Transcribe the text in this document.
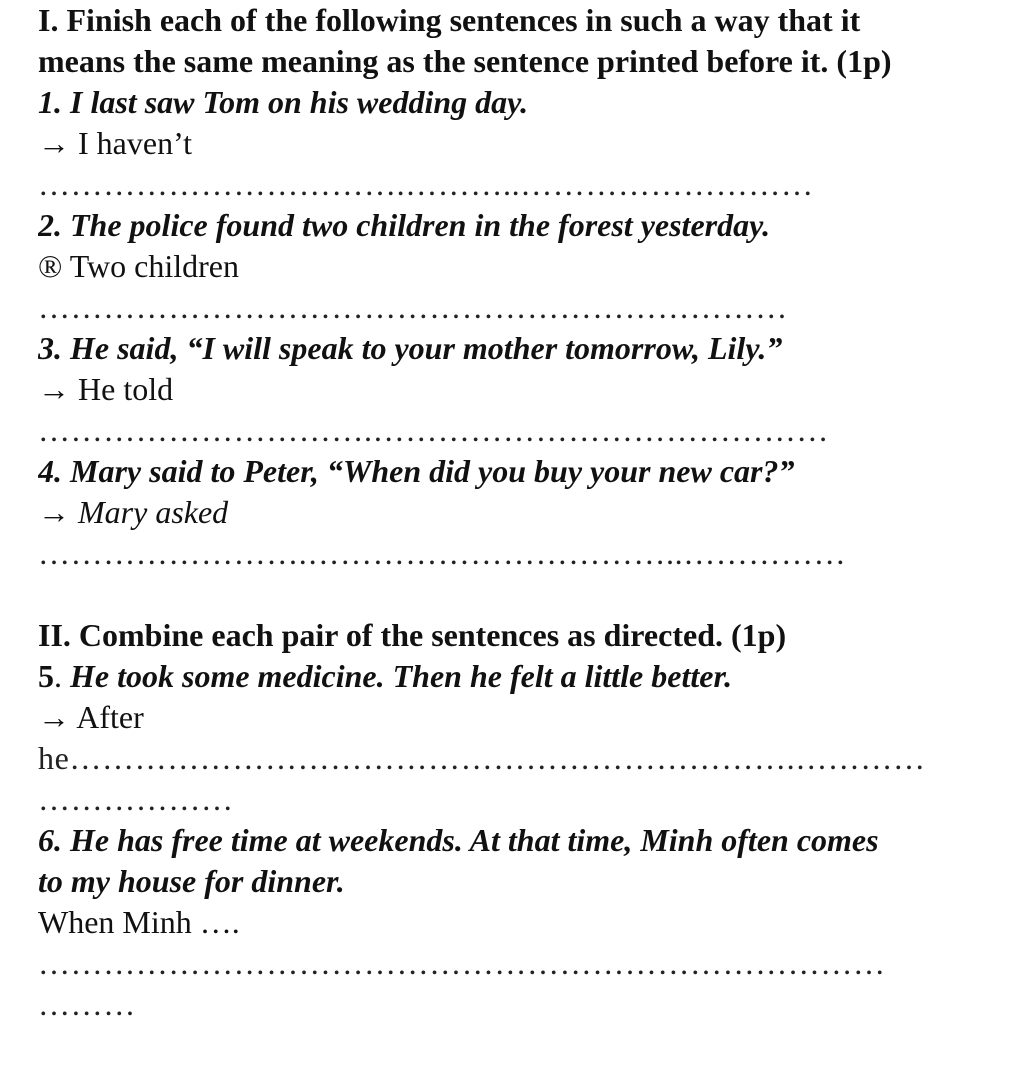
I. Finish each of the following sentences in such a way that it
means the same meaning as the sentence printed before it. (1p)
1. I last saw Tom on his wedding day.
→ I haven’t
…………………………….………..………………………
2. The police found two children in the forest yesterday.
® Two children
……………………………………………………………
3. He said, “I will speak to your mother tomorrow, Lily.”
→ He told
………………………….……………………………………
4. Mary said to Peter, “When did you buy your new car?”
→ Mary asked
…………………….……………………………..……………
II. Combine each pair of the sentences as directed. (1p)
5. He took some medicine. Then he felt a little better.
→ After
he………………………………………………………….…………
………………
6. He has free time at weekends. At that time, Minh often comes
to my house for dinner.
When Minh ….
……………………………………………………………………
………
